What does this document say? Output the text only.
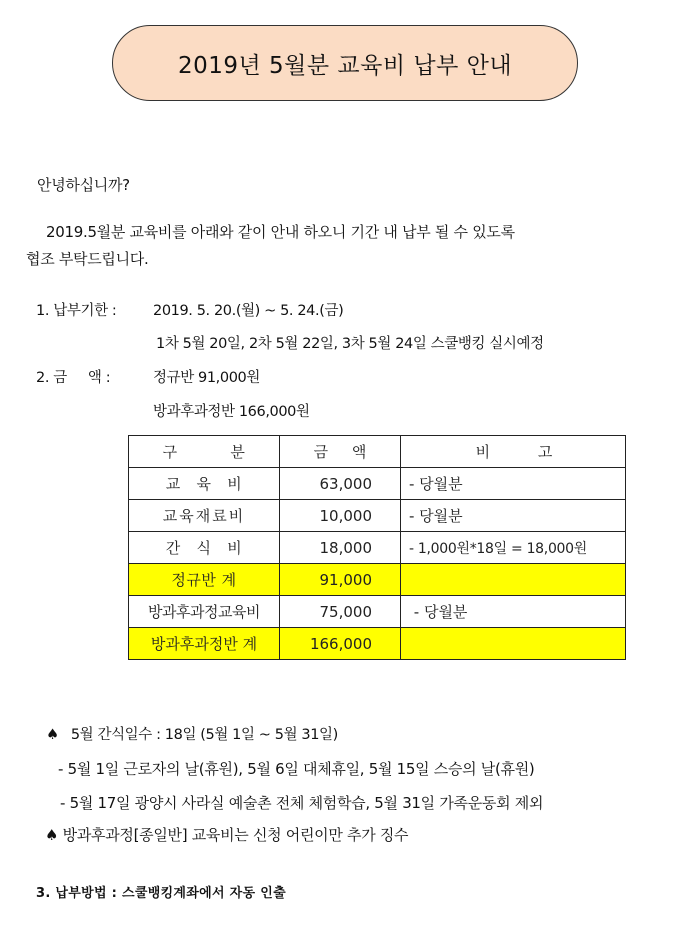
2019년 5월분 교육비 납부 안내
안녕하십니까?
2019.5월분 교육비를 아래와 같이 안내 하오니 기간 내 납부 될 수 있도록
협조 부탁드립니다.
1. 납부기한 :	2019. 5. 20.(월) ~ 5. 24.(금)
1차 5월 20일, 2차 5월 22일, 3차 5월 24일 스쿨뱅킹 실시예정
2. 금     액 :	정규반 91,000원
방과후과정반 166,000원
구          분	금     액	비          고
교   육   비	63,000	- 당월분
교육재료비	10,000	- 당월분
간   식   비	18,000	- 1,000원*18일 = 18,000원
정규반 계	91,000	
방과후과정교육비	75,000	- 당월분
방과후과정반 계	166,000	
♠ 5월 간식일수 : 18일 (5월 1일 ~ 5월 31일)
- 5월 1일 근로자의 날(휴원), 5월 6일 대체휴일, 5월 15일 스승의 날(휴원)
- 5월 17일 광양시 사라실 예술촌 전체 체험학습, 5월 31일 가족운동회 제외
♠ 방과후과정[종일반] 교육비는 신청 어린이만 추가 징수
3. 납부방법 : 스쿨뱅킹계좌에서 자동 인출
